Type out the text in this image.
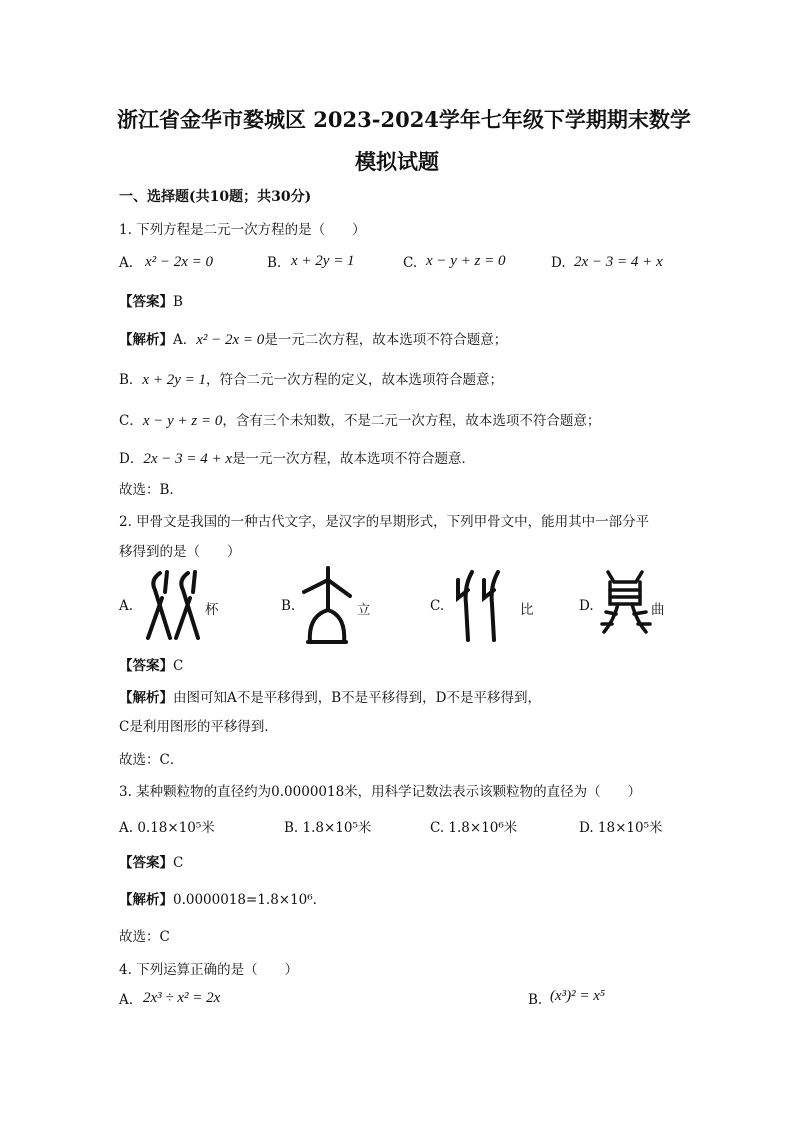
浙江省金华市婺城区 2023-2024学年七年级下学期期末数学
模拟试题
一、选择题(共10题；共30分)
1. 下列方程是二元一次方程的是（　　）
A. x² − 2x = 0	B. x + 2y = 1	C. x − y + z = 0	D. 2x − 3 = 4 + x
【答案】B
【解析】A．x² − 2x = 0是一元二次方程，故本选项不符合题意；
B．x + 2y = 1，符合二元一次方程的定义，故本选项符合题意；
C．x − y + z = 0，含有三个未知数，不是二元一次方程，故本选项不符合题意；
D．2x − 3 = 4 + x是一元一次方程，故本选项不符合题意．
故选：B．
2. 甲骨文是我国的一种古代文字，是汉字的早期形式，下列甲骨文中，能用其中一部分平
移得到的是（　　）
A.	杯	B.	立	C.	比	D.	曲
【答案】C
【解析】由图可知A不是平移得到，B不是平移得到，D不是平移得到，
C是利用图形的平移得到．
故选：C．
3. 某种颗粒物的直径约为0.0000018米，用科学记数法表示该颗粒物的直径为（　　）
A. 0.18×10⁵米	B. 1.8×10⁵米	C. 1.8×10⁶米	D. 18×10⁵米
【答案】C
【解析】0.0000018=1.8×10⁶.
故选：C
4. 下列运算正确的是（　　）
A. 2x³ ÷ x² = 2x	B. (x³)² = x⁵
